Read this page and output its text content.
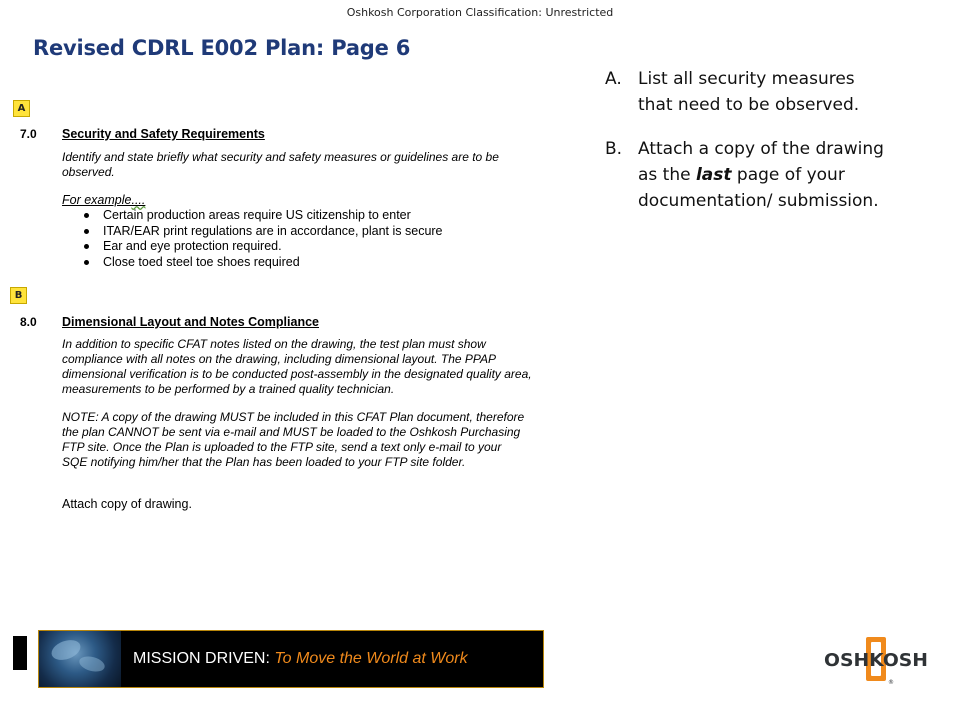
Oshkosh Corporation Classification: Unrestricted
Revised CDRL E002 Plan: Page 6
A
7.0 Security and Safety Requirements
Identify and state briefly what security and safety measures or guidelines are to be
observed.
For example....
Certain production areas require US citizenship to enter
ITAR/EAR print regulations are in accordance, plant is secure
Ear and eye protection required.
Close toed steel toe shoes required
B
8.0 Dimensional Layout and Notes Compliance
In addition to specific CFAT notes listed on the drawing, the test plan must show
compliance with all notes on the drawing, including dimensional layout. The PPAP
dimensional verification is to be conducted post-assembly in the designated quality area,
measurements to be performed by a trained quality technician.
NOTE: A copy of the drawing MUST be included in this CFAT Plan document, therefore
the plan CANNOT be sent via e-mail and MUST be loaded to the Oshkosh Purchasing
FTP site. Once the Plan is uploaded to the FTP site, send a text only e-mail to your
SQE notifying him/her that the Plan has been loaded to your FTP site folder.
Attach copy of drawing.
A. List all security measures
that need to be observed.
B. Attach a copy of the drawing
as the last page of your
documentation/ submission.
MISSION DRIVEN: To Move the World at Work	OSHKOSH
®
